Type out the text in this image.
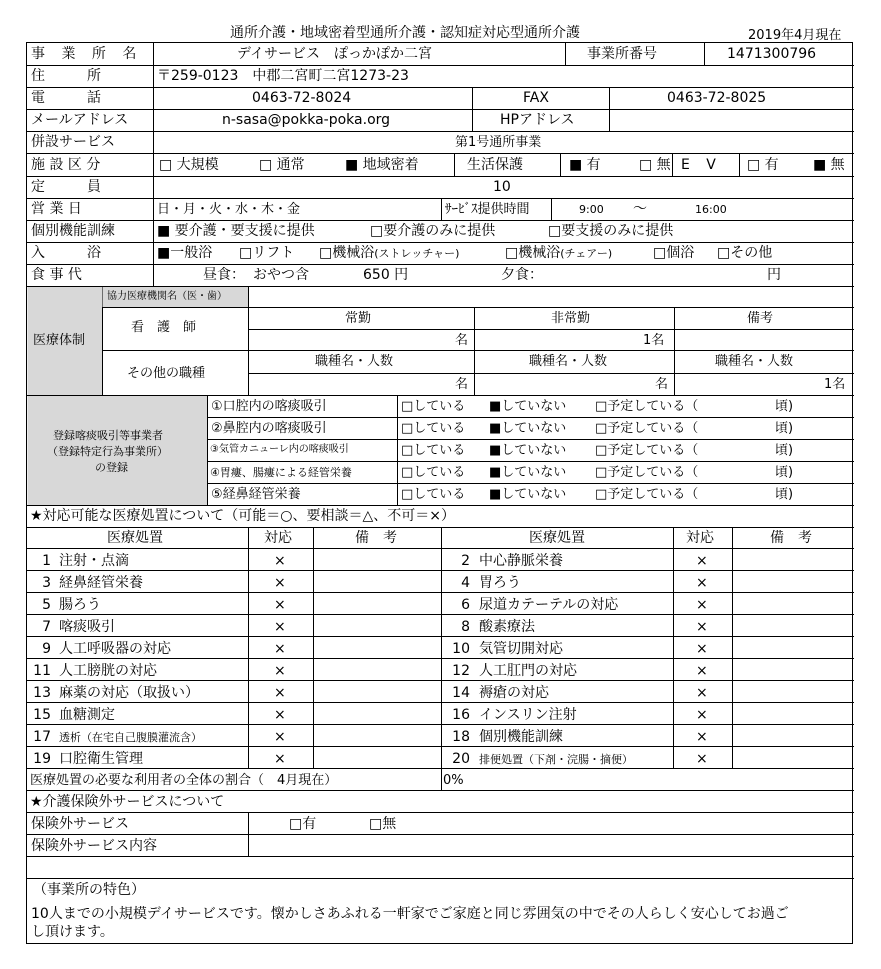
通所介護・地域密着型通所介護・認知症対応型通所介護	2019年4月現在
事 業 所 名	デイサービス　ぽっかぽか二宮	事業所番号	1471300796
住　　　所	〒259-0123　中郡二宮町二宮1273-23
電　　　話	0463-72-8024	FAX	0463-72-8025
メールアドレス	n-sasa@pokka-poka.org	HPアドレス
併設サービス	第1号通所事業
施 設 区 分	□ 大規模	□ 通常	■ 地域密着	生活保護	■ 有	□ 無 E V □ 有 ■ 無
定　　　員	10
営 業 日	日・月・火・水・木・金	ｻｰﾋﾞｽ提供時間	9:00 ～	16:00
個別機能訓練	■ 要介護・要支援に提供	□要介護のみに提供	□要支援のみに提供
入　　　浴	■一般浴 □リフト □機械浴(ストレッチャー)	□機械浴(チェアー)	□個浴 □その他
食 事 代	昼食： おやつ含	650 円	夕食：	円
医療体制
協力医療機関名（医・歯）
看　護　師
常勤	非常勤	備考
名	1名
その他の職種
職種名・人数	職種名・人数	職種名・人数
名	名	1名
登録喀痰吸引等事業者
（登録特定行為事業所）
の登録
①口腔内の喀痰吸引	□している ■していない □予定している（	頃)
②鼻腔内の喀痰吸引	□している ■していない □予定している（	頃)
③気管カニューレ内の喀痰吸引	□している ■していない □予定している（	頃)
④胃瘻、腸瘻による経管栄養	□している ■していない □予定している（	頃)
⑤経鼻経管栄養	□している ■していない □予定している（	頃)
★対応可能な医療処置について（可能＝○、要相談＝△、不可＝×）
医療処置	対応	備　考	医療処置	対応	備　考
1 注射・点滴	×	2 中心静脈栄養	×
3 経鼻経管栄養	×	4 胃ろう	×
5 腸ろう	×	6 尿道カテーテルの対応	×
7 喀痰吸引	×	8 酸素療法	×
9 人工呼吸器の対応	×	10 気管切開対応	×
11 人工膀胱の対応	×	12 人工肛門の対応	×
13 麻薬の対応（取扱い）	×	14 褥瘡の対応	×
15 血糖測定	×	16 インスリン注射	×
17 透析（在宅自己腹膜灌流含）	×	18 個別機能訓練	×
19 口腔衛生管理	×	20 排便処置（下剤・浣腸・摘便）	×
医療処置の必要な利用者の全体の割合（　4月現在）	0%
★介護保険外サービスについて
保険外サービス	□有	□無
保険外サービス内容
（事業所の特色）
10人までの小規模デイサービスです。懐かしさあふれる一軒家でご家庭と同じ雰囲気の中でその人らしく安心してお過ご
し頂けます。
